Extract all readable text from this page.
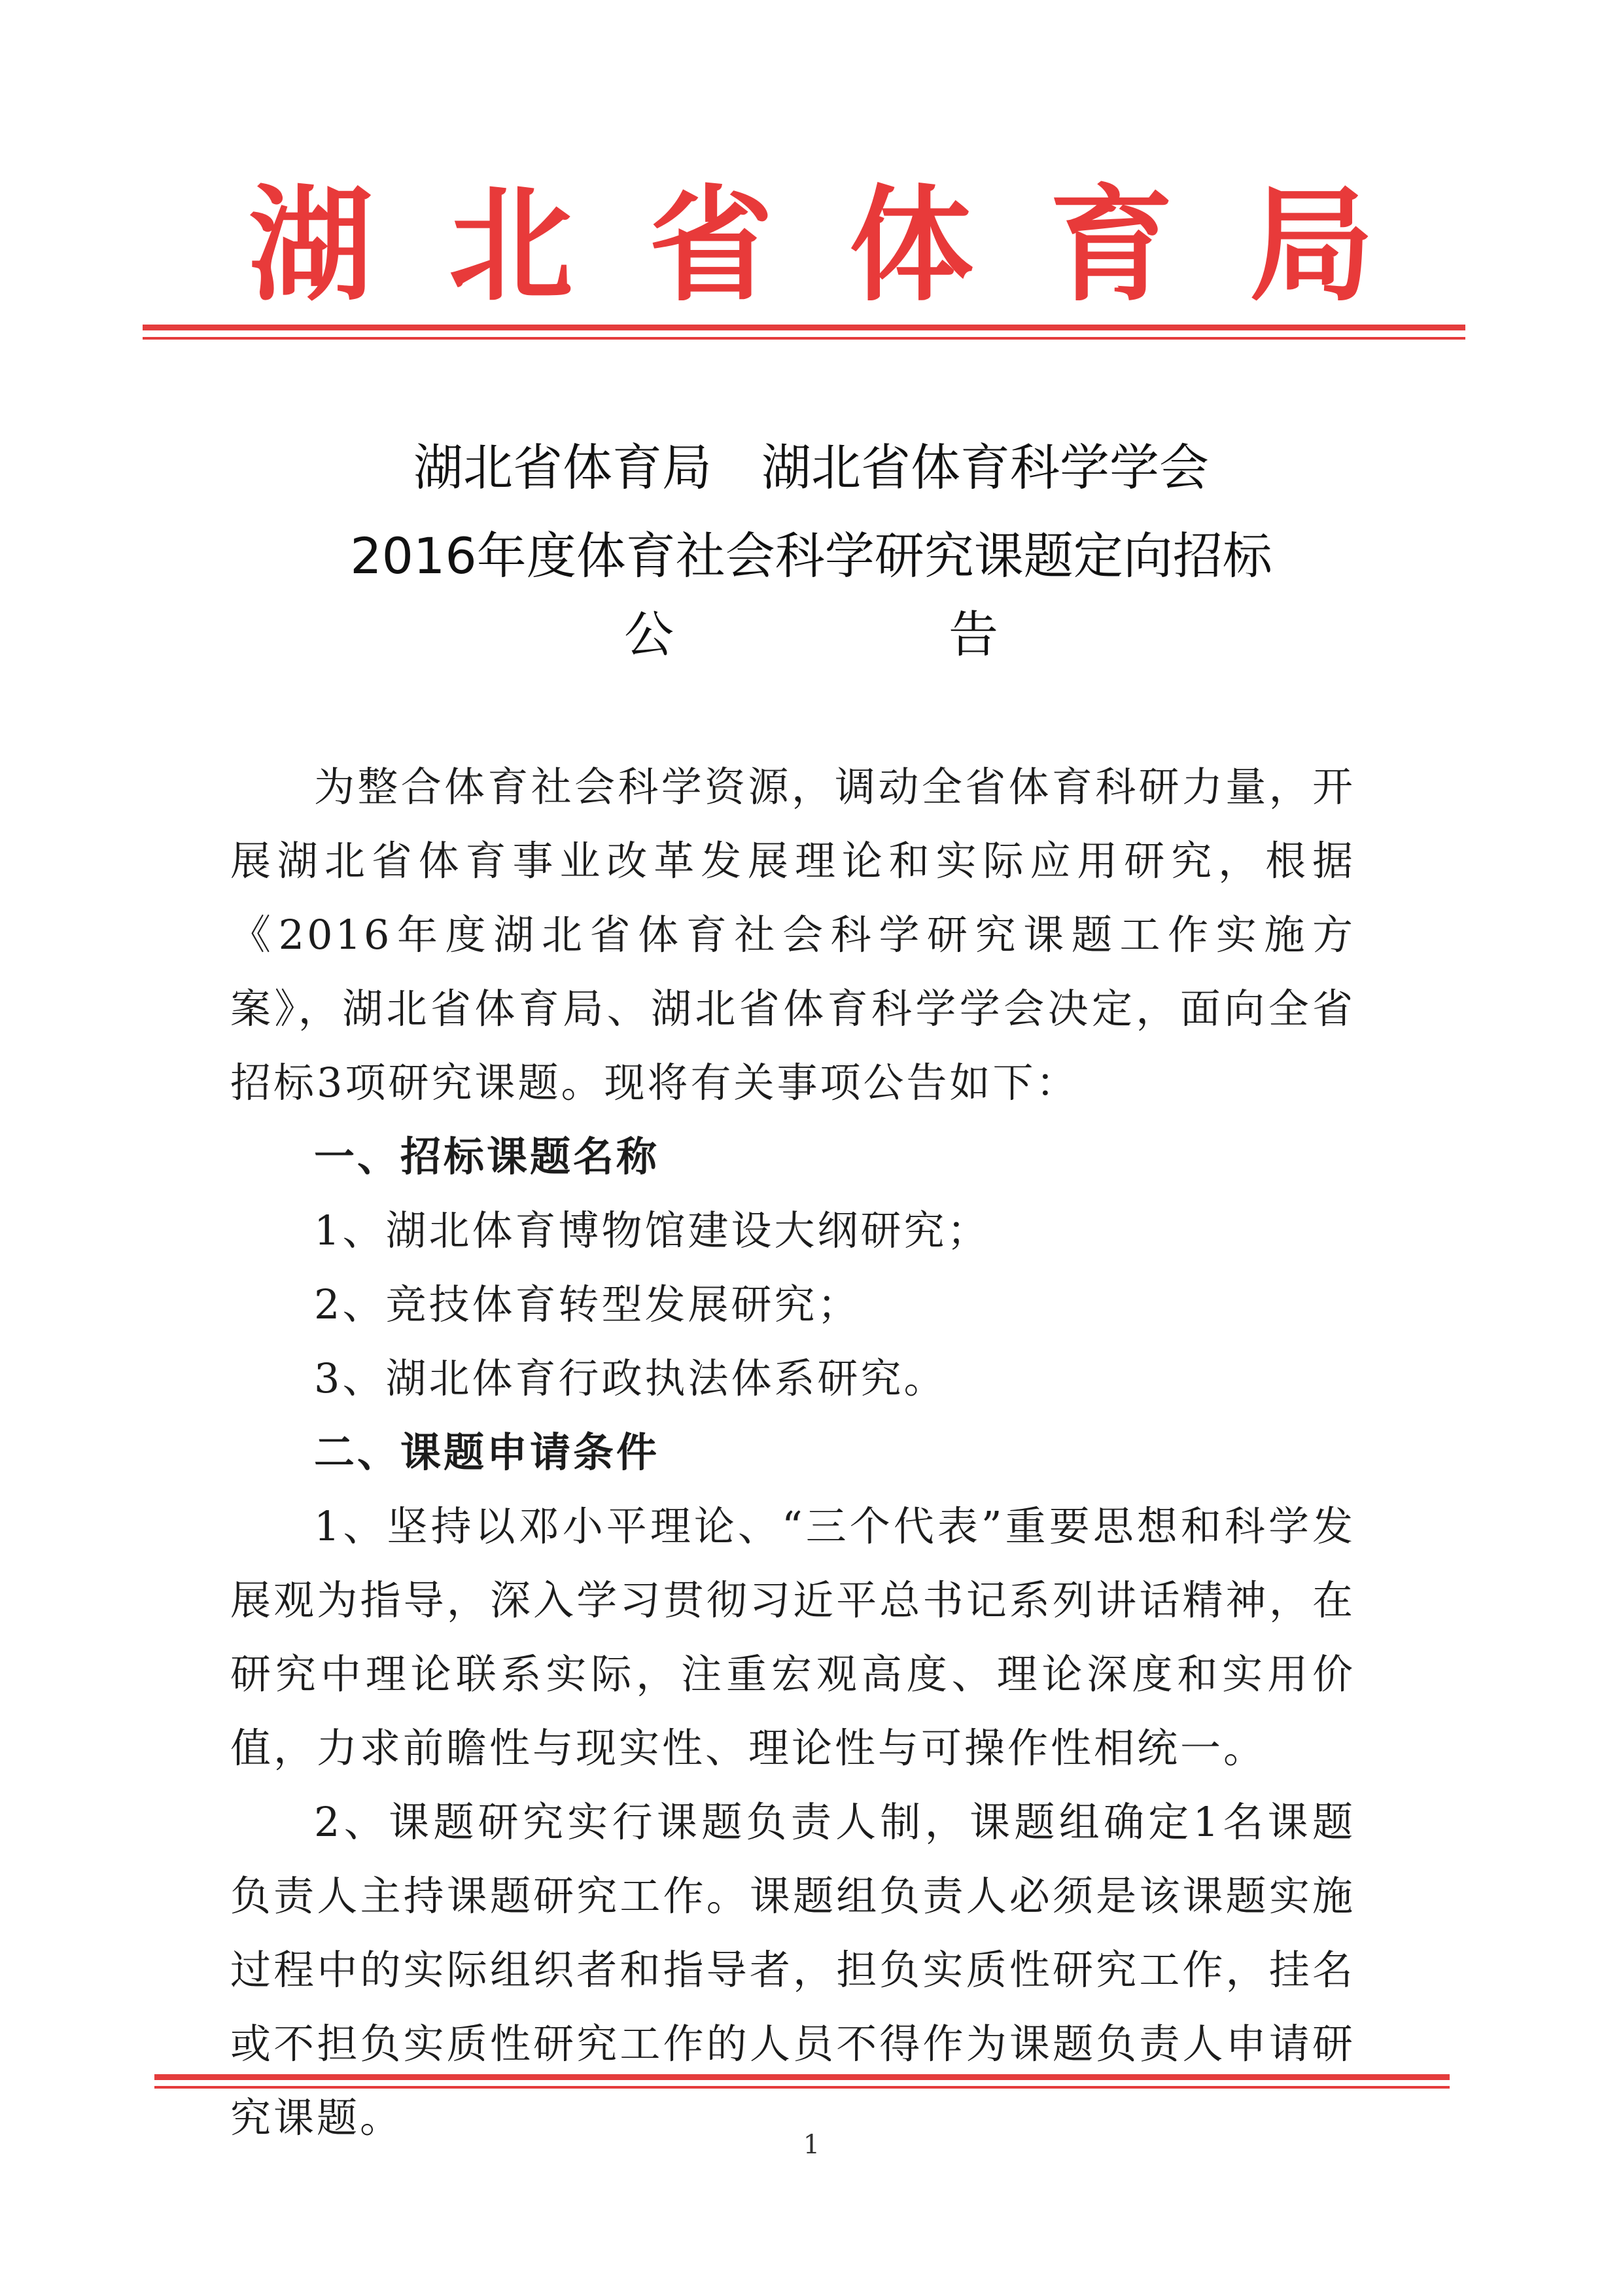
湖 北 省 体 育 局
湖北省体育局　湖北省体育科学学会
2016年度体育社会科学研究课题定向招标
公告

为整合体育社会科学资源，调动全省体育科研力量，开展湖北省体育事业改革发展理论和实际应用研究，根据《2016年度湖北省体育社会科学研究课题工作实施方案》，湖北省体育局、湖北省体育科学学会决定，面向全省招标3项研究课题。现将有关事项公告如下：

一、招标课题名称

1、湖北体育博物馆建设大纲研究；

2、竞技体育转型发展研究；

3、湖北体育行政执法体系研究。

二、课题申请条件

1、坚持以邓小平理论、“三个代表”重要思想和科学发展观为指导，深入学习贯彻习近平总书记系列讲话精神，在研究中理论联系实际，注重宏观高度、理论深度和实用价值，力求前瞻性与现实性、理论性与可操作性相统一。

2、课题研究实行课题负责人制，课题组确定1名课题负责人主持课题研究工作。课题组负责人必须是该课题实施过程中的实际组织者和指导者，担负实质性研究工作，挂名或不担负实质性研究工作的人员不得作为课题负责人申请研究课题。

1
